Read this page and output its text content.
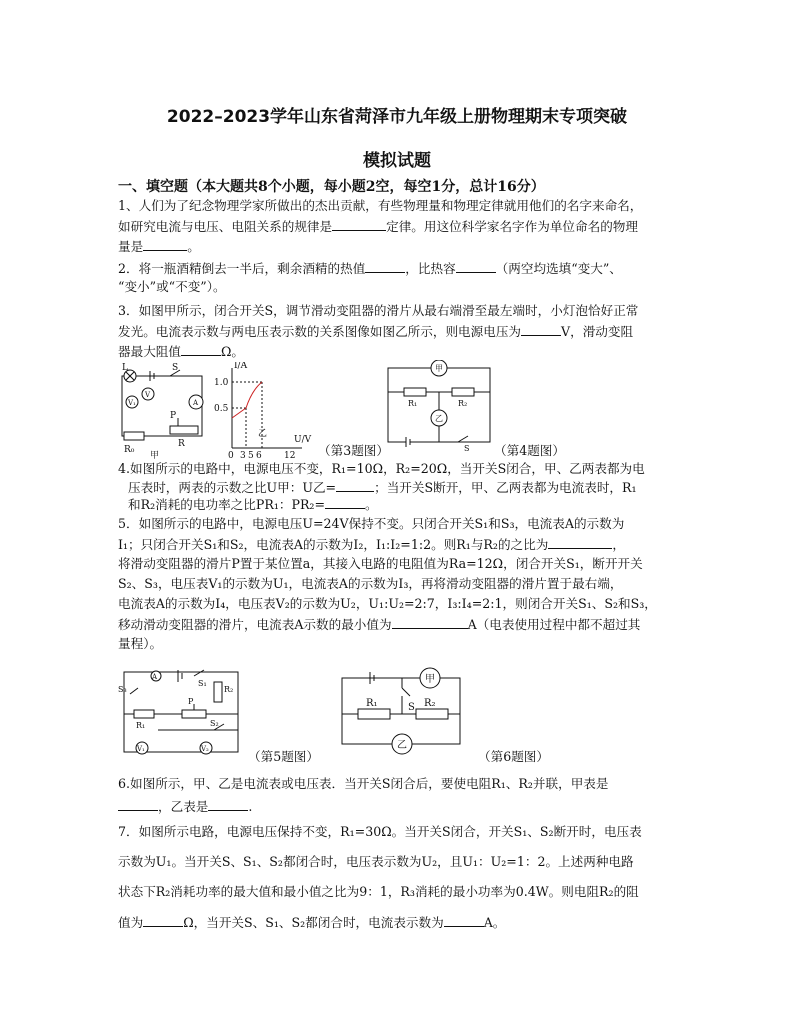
2022–2023学年山东省菏泽市九年级上册物理期末专项突破
模拟试题
一、填空题（本大题共8个小题，每小题2空，每空1分，总计16分）
1、人们为了纪念物理学家所做出的杰出贡献，有些物理量和物理定律就用他们的名字来命名，
如研究电流与电压、电阻关系的规律是	定律。用这位科学家名字作为单位命名的物理
量是	。
2．将一瓶酒精倒去一半后，剩余酒精的热值	，比热容	（两空均选填“变大”、
“变小”或“不变”）。
3．如图甲所示，闭合开关S，调节滑动变阻器的滑片从最右端滑至最左端时，小灯泡恰好正常
发光。电流表示数与两电压表示数的关系图像如图乙所示，则电源电压为	V，滑动变阻
器最大阻值	Ω。
L	S
V₁
V
A
P
R₀
R
甲
I/A
U/V
1.0
0.5
0 3 5 6 12
乙
（第3题图）
甲
乙
R₁	R₂
S （第4题图）
4.如图所示的电路中，电源电压不变，R₁=10Ω，R₂=20Ω，当开关S闭合，甲、乙两表都为电
压表时，两表的示数之比U甲：U乙=	；当开关S断开，甲、乙两表都为电流表时，R₁
和R₂消耗的电功率之比PR₁：PR₂=	。
5．如图所示的电路中，电源电压U=24V保持不变。只闭合开关S₁和S₃，电流表A的示数为
I₁；只闭合开关S₁和S₂，电流表A的示数为I₂，I₁:I₂=1:2。则R₁与R₂的之比为	，
将滑动变阻器的滑片P置于某位置a，其接入电路的电阻值为Ra=12Ω，闭合开关S₁，断开开关
S₂、S₃，电压表V₁的示数为U₁，电流表A的示数为I₃，再将滑动变阻器的滑片置于最右端，
电流表A的示数为I₄，电压表V₂的示数为U₂，U₁:U₂=2:7，I₃:I₄=2:1，则闭合开关S₁、S₂和S₃，
移动滑动变阻器的滑片，电流表A示数的最小值为	A（电表使用过程中都不超过其
量程）。
S₃
A
S₁
R₂
P
R₁	S₂
V₁	V₂	（第5题图）
甲
乙
R₁	R₂
S
（第6题图）
6.如图所示，甲、乙是电流表或电压表．当开关S闭合后，要使电阻R₁、R₂并联，甲表是
，乙表是	.
7．如图所示电路，电源电压保持不变，R₁=30Ω。当开关S闭合，开关S₁、S₂断开时，电压表
示数为U₁。当开关S、S₁、S₂都闭合时，电压表示数为U₂，且U₁：U₂=1：2。上述两种电路
状态下R₂消耗功率的最大值和最小值之比为9：1，R₃消耗的最小功率为0.4W。则电阻R₂的阻
值为	Ω，当开关S、S₁、S₂都闭合时，电流表示数为	A。
